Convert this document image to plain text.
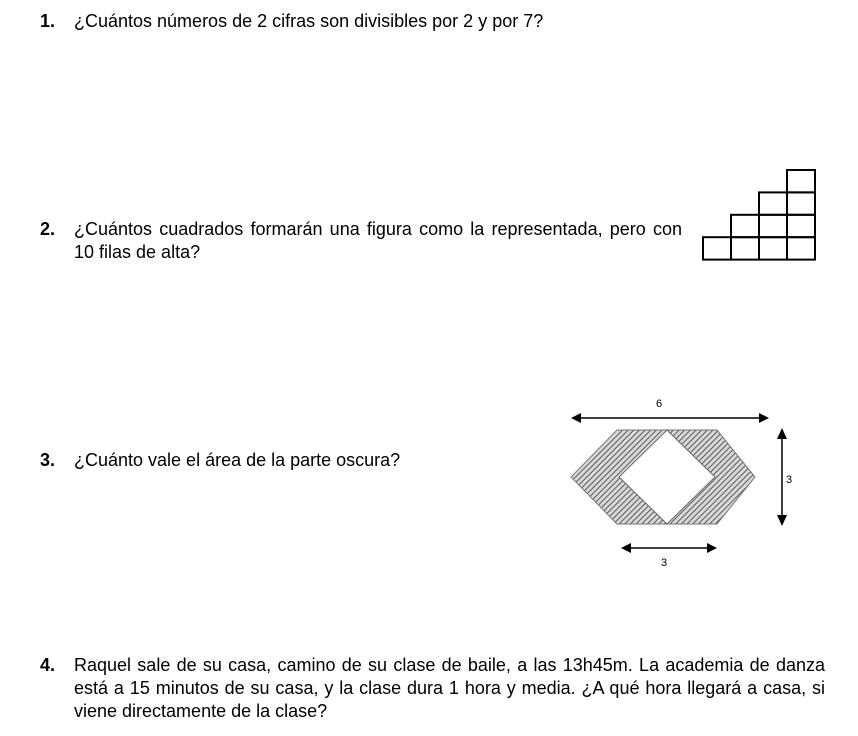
1. ¿Cuántos números de 2 cifras son divisibles por 2 y por 7?
2. ¿Cuántos cuadrados formarán una figura como la representada, pero con 10 filas de alta?
3. ¿Cuánto vale el área de la parte oscura?
6
3
3
4. Raquel sale de su casa, camino de su clase de baile, a las 13h45m. La academia de danza está a 15 minutos de su casa, y la clase dura 1 hora y media. ¿A qué hora llegará a casa, si viene directamente de la clase?
